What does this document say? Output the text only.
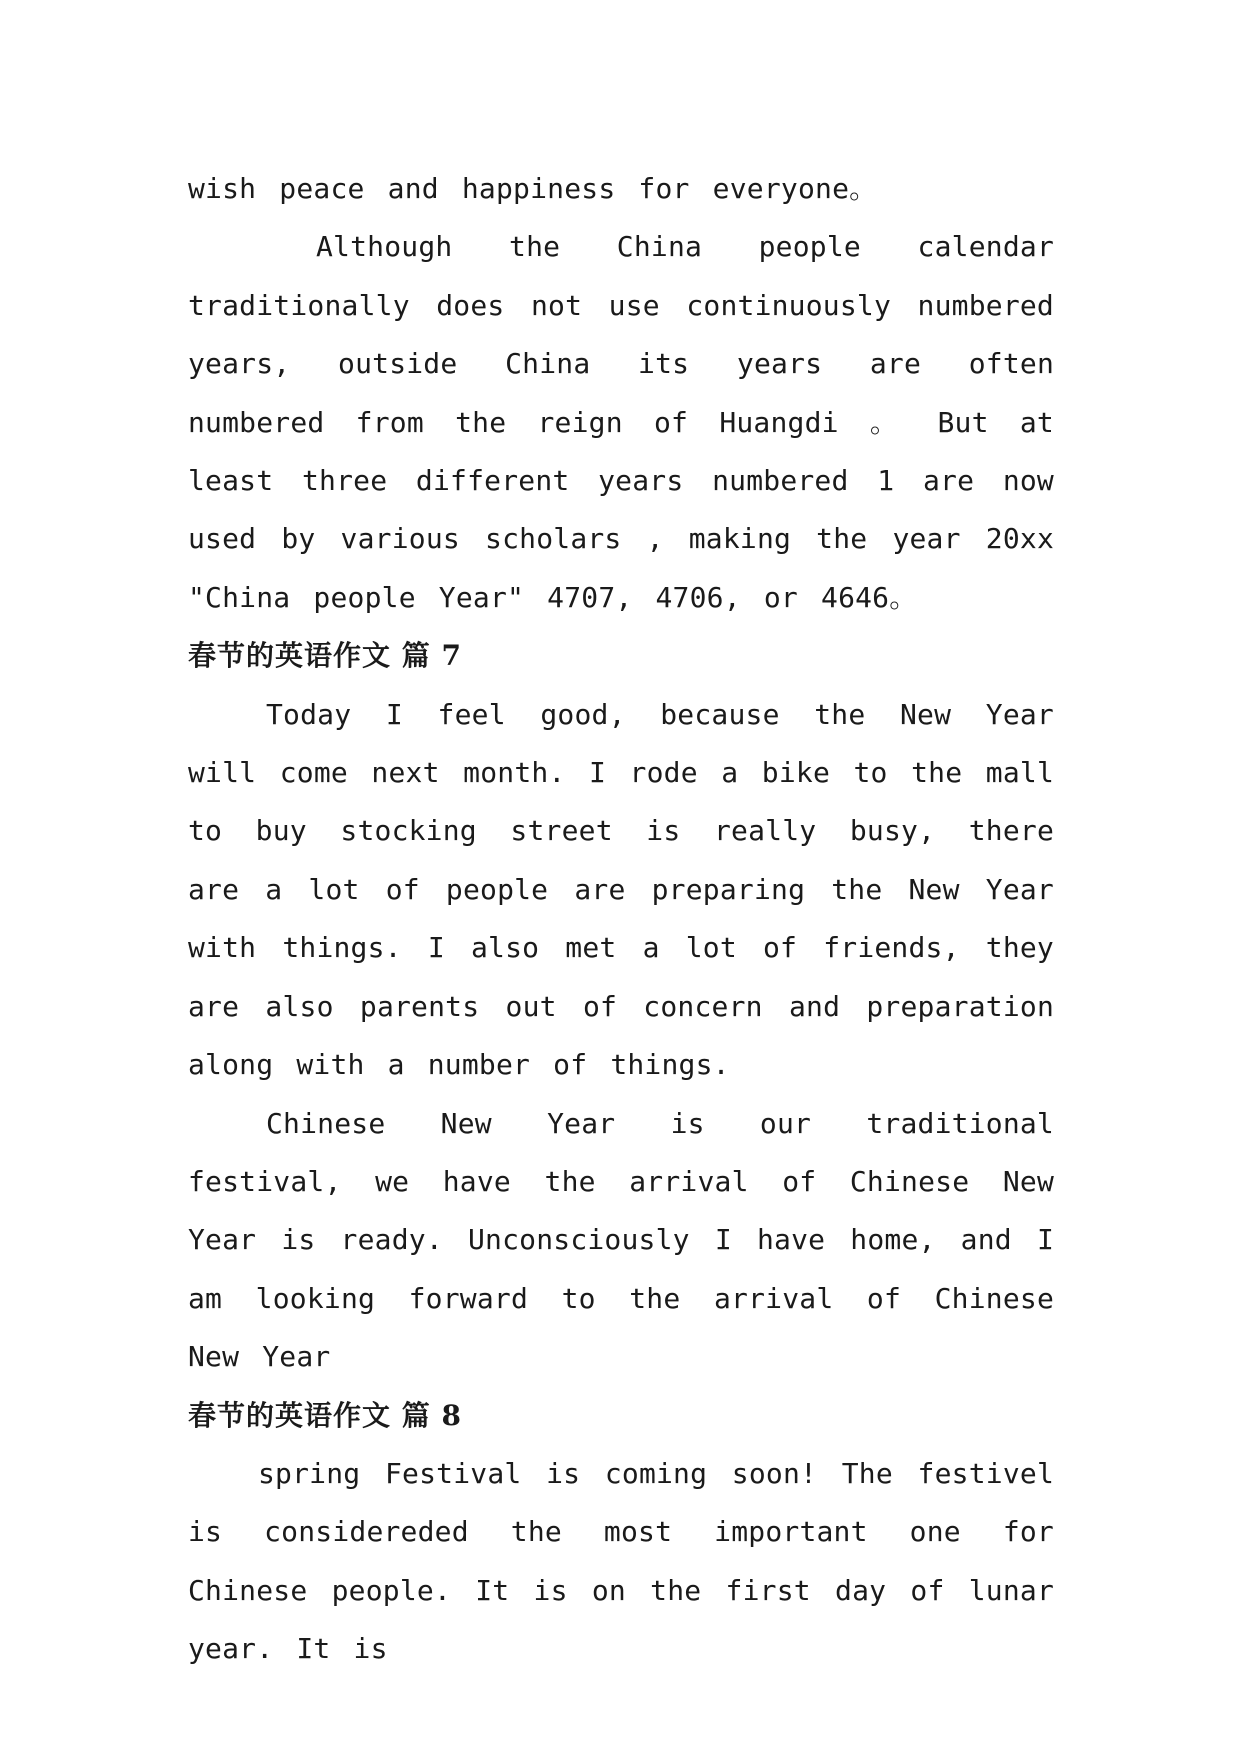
wish peace and happiness for everyone。

Although the China people calendar traditionally does not use continuously numbered years, outside China its years are often numbered from the reign of Huangdi 。 But at least three different years numbered 1 are now used by various scholars , making the year 20xx "China people Year" 4707, 4706, or 4646。

春节的英语作文 篇 7

Today I feel good, because the New Year will come next month. I rode a bike to the mall to buy stocking street is really busy, there are a lot of people are preparing the New Year with things. I also met a lot of friends, they are also parents out of concern and preparation along with a number of things.

Chinese New Year is our traditional festival, we have the arrival of Chinese New Year is ready. Unconsciously I have home, and I am looking forward to the arrival of Chinese New Year

春节的英语作文 篇 8

spring Festival is coming soon! The festivel is considereded the most important one for Chinese people. It is on the first day of lunar year. It is
